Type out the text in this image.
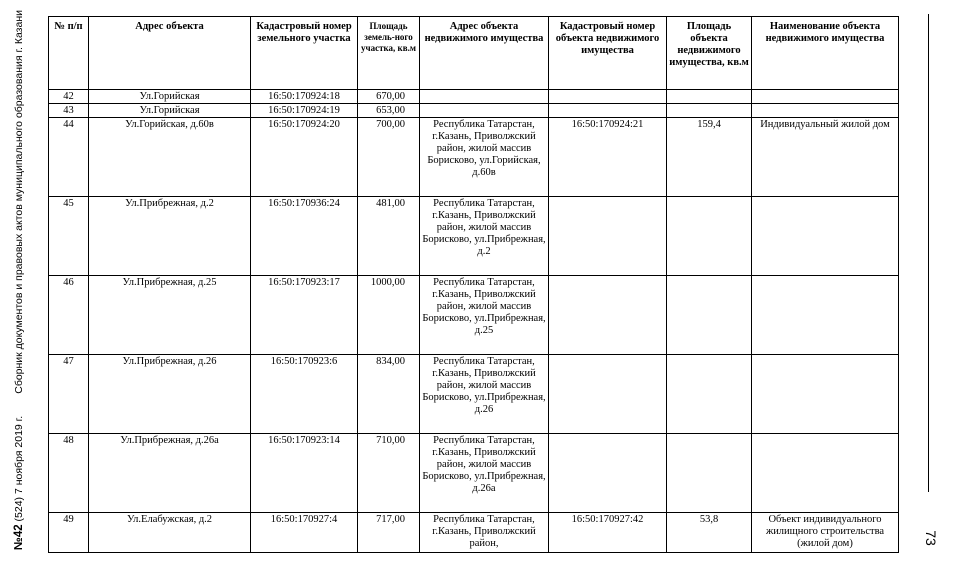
№42 (524) 7 ноября 2019 г.
Сборник документов и правовых актов муниципального образования г. Казани
73
№ п/п	Адрес объекта	Кадастровый номер земельного участка	Площадь земель-ного участка, кв.м	Адрес объекта недвижимого имущества	Кадастровый номер объекта недвижимого имущества	Площадь объекта недвижимого имущества, кв.м	Наименование объекта недвижимого имущества
42	Ул.Горийская	16:50:170924:18	670,00				
43	Ул.Горийская	16:50:170924:19	653,00				
44	Ул.Горийская, д.60в	16:50:170924:20	700,00	Республика Татарстан, г.Казань, Приволжский район, жилой массив Борисково, ул.Горийская, д.60в	16:50:170924:21	159,4	Индивидуальный жилой дом
45	Ул.Прибрежная, д.2	16:50:170936:24	481,00	Республика Татарстан, г.Казань, Приволжский район, жилой массив Борисково, ул.Прибрежная, д.2			
46	Ул.Прибрежная, д.25	16:50:170923:17	1000,00	Республика Татарстан, г.Казань, Приволжский район, жилой массив Борисково, ул.Прибрежная, д.25			
47	Ул.Прибрежная, д.26	16:50:170923:6	834,00	Республика Татарстан, г.Казань, Приволжский район, жилой массив Борисково, ул.Прибрежная, д.26			
48	Ул.Прибрежная, д.26а	16:50:170923:14	710,00	Республика Татарстан, г.Казань, Приволжский район, жилой массив Борисково, ул.Прибрежная, д.26а			
49	Ул.Елабужская, д.2	16:50:170927:4	717,00	Республика Татарстан, г.Казань, Приволжский район,	16:50:170927:42	53,8	Объект индивидуального жилищного строительства (жилой дом)
